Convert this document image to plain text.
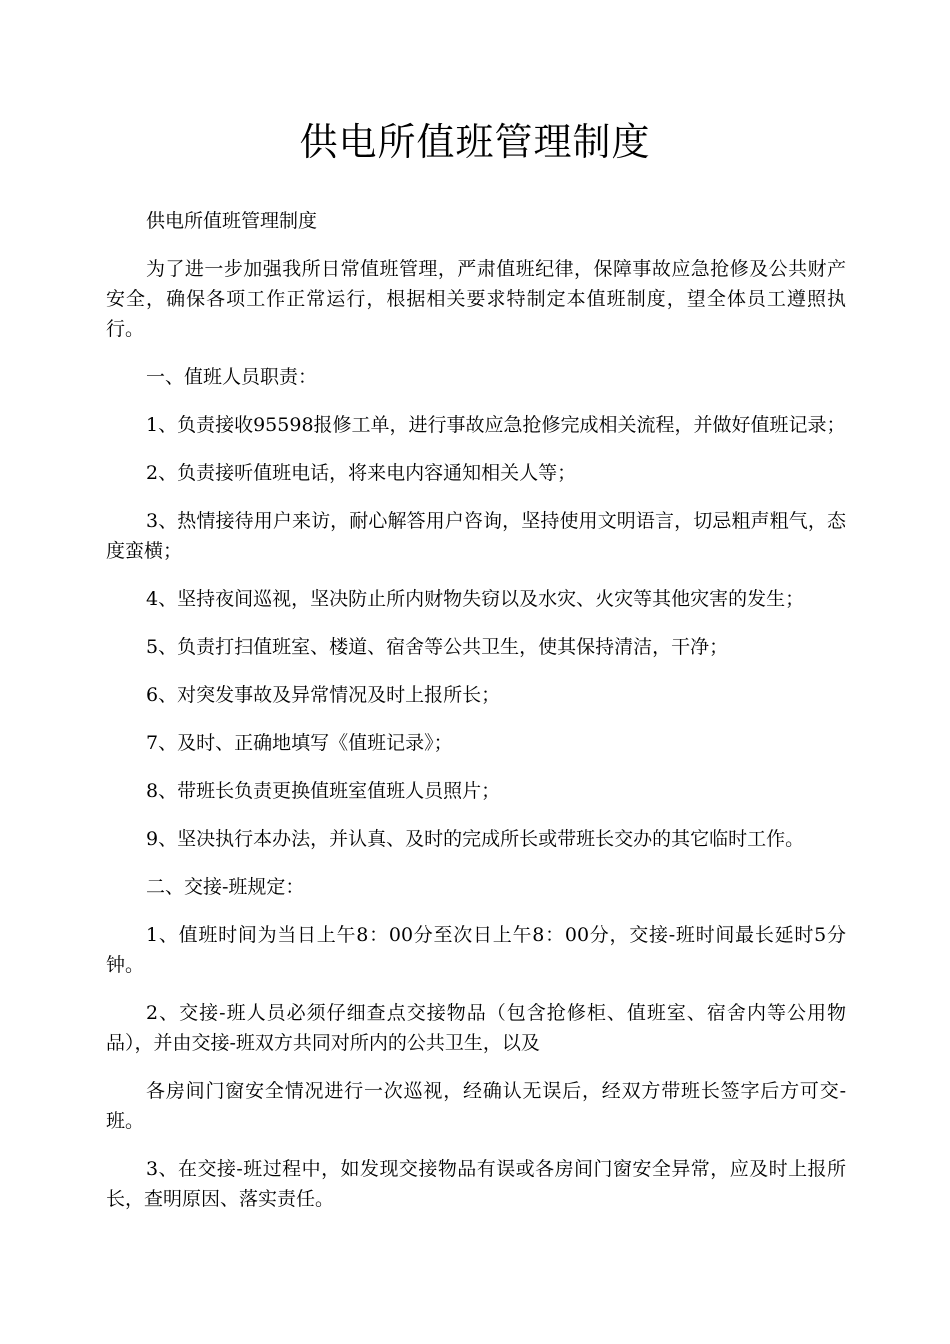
供电所值班管理制度

供电所值班管理制度

为了进一步加强我所日常值班管理，严肃值班纪律，保障事故应急抢修及公共财产安全，确保各项工作正常运行，根据相关要求特制定本值班制度，望全体员工遵照执行。

一、值班人员职责：

1、负责接收95598报修工单，进行事故应急抢修完成相关流程，并做好值班记录；

2、负责接听值班电话，将来电内容通知相关人等；

3、热情接待用户来访，耐心解答用户咨询，坚持使用文明语言，切忌粗声粗气，态度蛮横；

4、坚持夜间巡视，坚决防止所内财物失窃以及水灾、火灾等其他灾害的发生；

5、负责打扫值班室、楼道、宿舍等公共卫生，使其保持清洁，干净；

6、对突发事故及异常情况及时上报所长；

7、及时、正确地填写《值班记录》；

8、带班长负责更换值班室值班人员照片；

9、坚决执行本办法，并认真、及时的完成所长或带班长交办的其它临时工作。

二、交接-班规定：

1、值班时间为当日上午8：00分至次日上午8：00分，交接-班时间最长延时5分钟。

2、交接-班人员必须仔细查点交接物品（包含抢修柜、值班室、宿舍内等公用物品），并由交接-班双方共同对所内的公共卫生，以及

各房间门窗安全情况进行一次巡视，经确认无误后，经双方带班长签字后方可交-班。

3、在交接-班过程中，如发现交接物品有误或各房间门窗安全异常，应及时上报所长，查明原因、落实责任。
